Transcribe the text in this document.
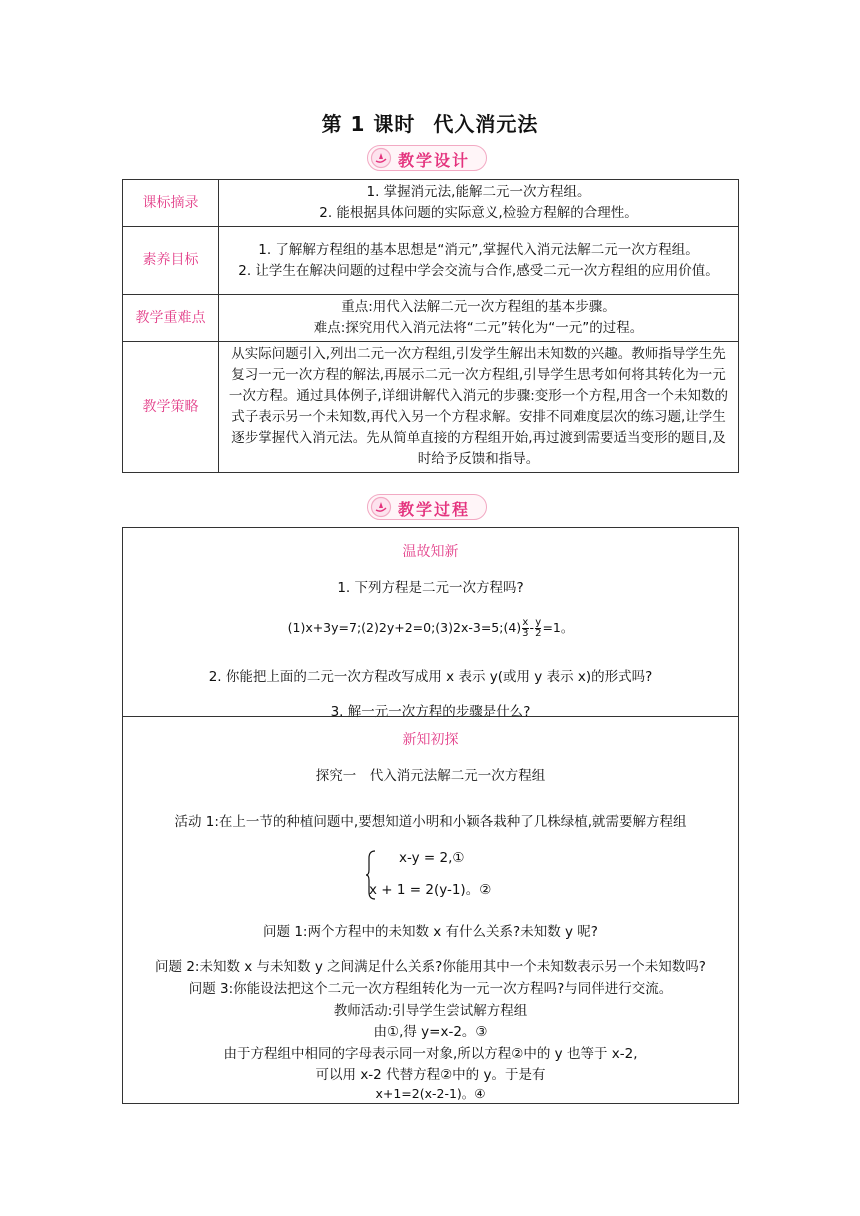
第 1 课时 代入消元法
教学设计
课标摘录	1. 掌握消元法,能解二元一次方程组。
2. 能根据具体问题的实际意义,检验方程解的合理性。

素养目标	1. 了解解方程组的基本思想是“消元”,掌握代入消元法解二元一次方程组。
2. 让学生在解决问题的过程中学会交流与合作,感受二元一次方程组的应用价值。

教学重难点	重点:用代入法解二元一次方程组的基本步骤。
难点:探究用代入消元法将“二元”转化为“一元”的过程。

教学策略	从实际问题引入,列出二元一次方程组,引发学生解出未知数的兴趣。教师指导学生先复习一元一次方程的解法,再展示二元一次方程组,引导学生思考如何将其转化为一元一次方程。通过具体例子,详细讲解代入消元的步骤:变形一个方程,用含一个未知数的式子表示另一个未知数,再代入另一个方程求解。安排不同难度层次的练习题,让学生逐步掌握代入消元法。先从简单直接的方程组开始,再过渡到需要适当变形的题目,及时给予反馈和指导。
教学过程
温故知新
1. 下列方程是二元一次方程吗?
(1)x+3y=7;(2)2y+2=0;(3)2x-3=5;(4) $\frac{x}{3} - \frac{y}{2} =1$。
2. 你能把上面的二元一次方程改写成用 x 表示 y(或用 y 表示 x)的形式吗?
3. 解一元一次方程的步骤是什么?
新知初探
探究一　代入消元法解二元一次方程组
活动 1:在上一节的种植问题中,要想知道小明和小颖各栽种了几株绿植,就需要解方程组
x-y = 2,①
x + 1 = 2(y-1)。②
问题 1:两个方程中的未知数 x 有什么关系?未知数 y 呢?
问题 2:未知数 x 与未知数 y 之间满足什么关系?你能用其中一个未知数表示另一个未知数吗?
问题 3:你能设法把这个二元一次方程组转化为一元一次方程吗?与同伴进行交流。
教师活动:引导学生尝试解方程组
由①,得 y=x-2。③
由于方程组中相同的字母表示同一对象,所以方程②中的 y 也等于 x-2,
可以用 x-2 代替方程②中的 y。于是有
x+1=2(x-2-1)。④
